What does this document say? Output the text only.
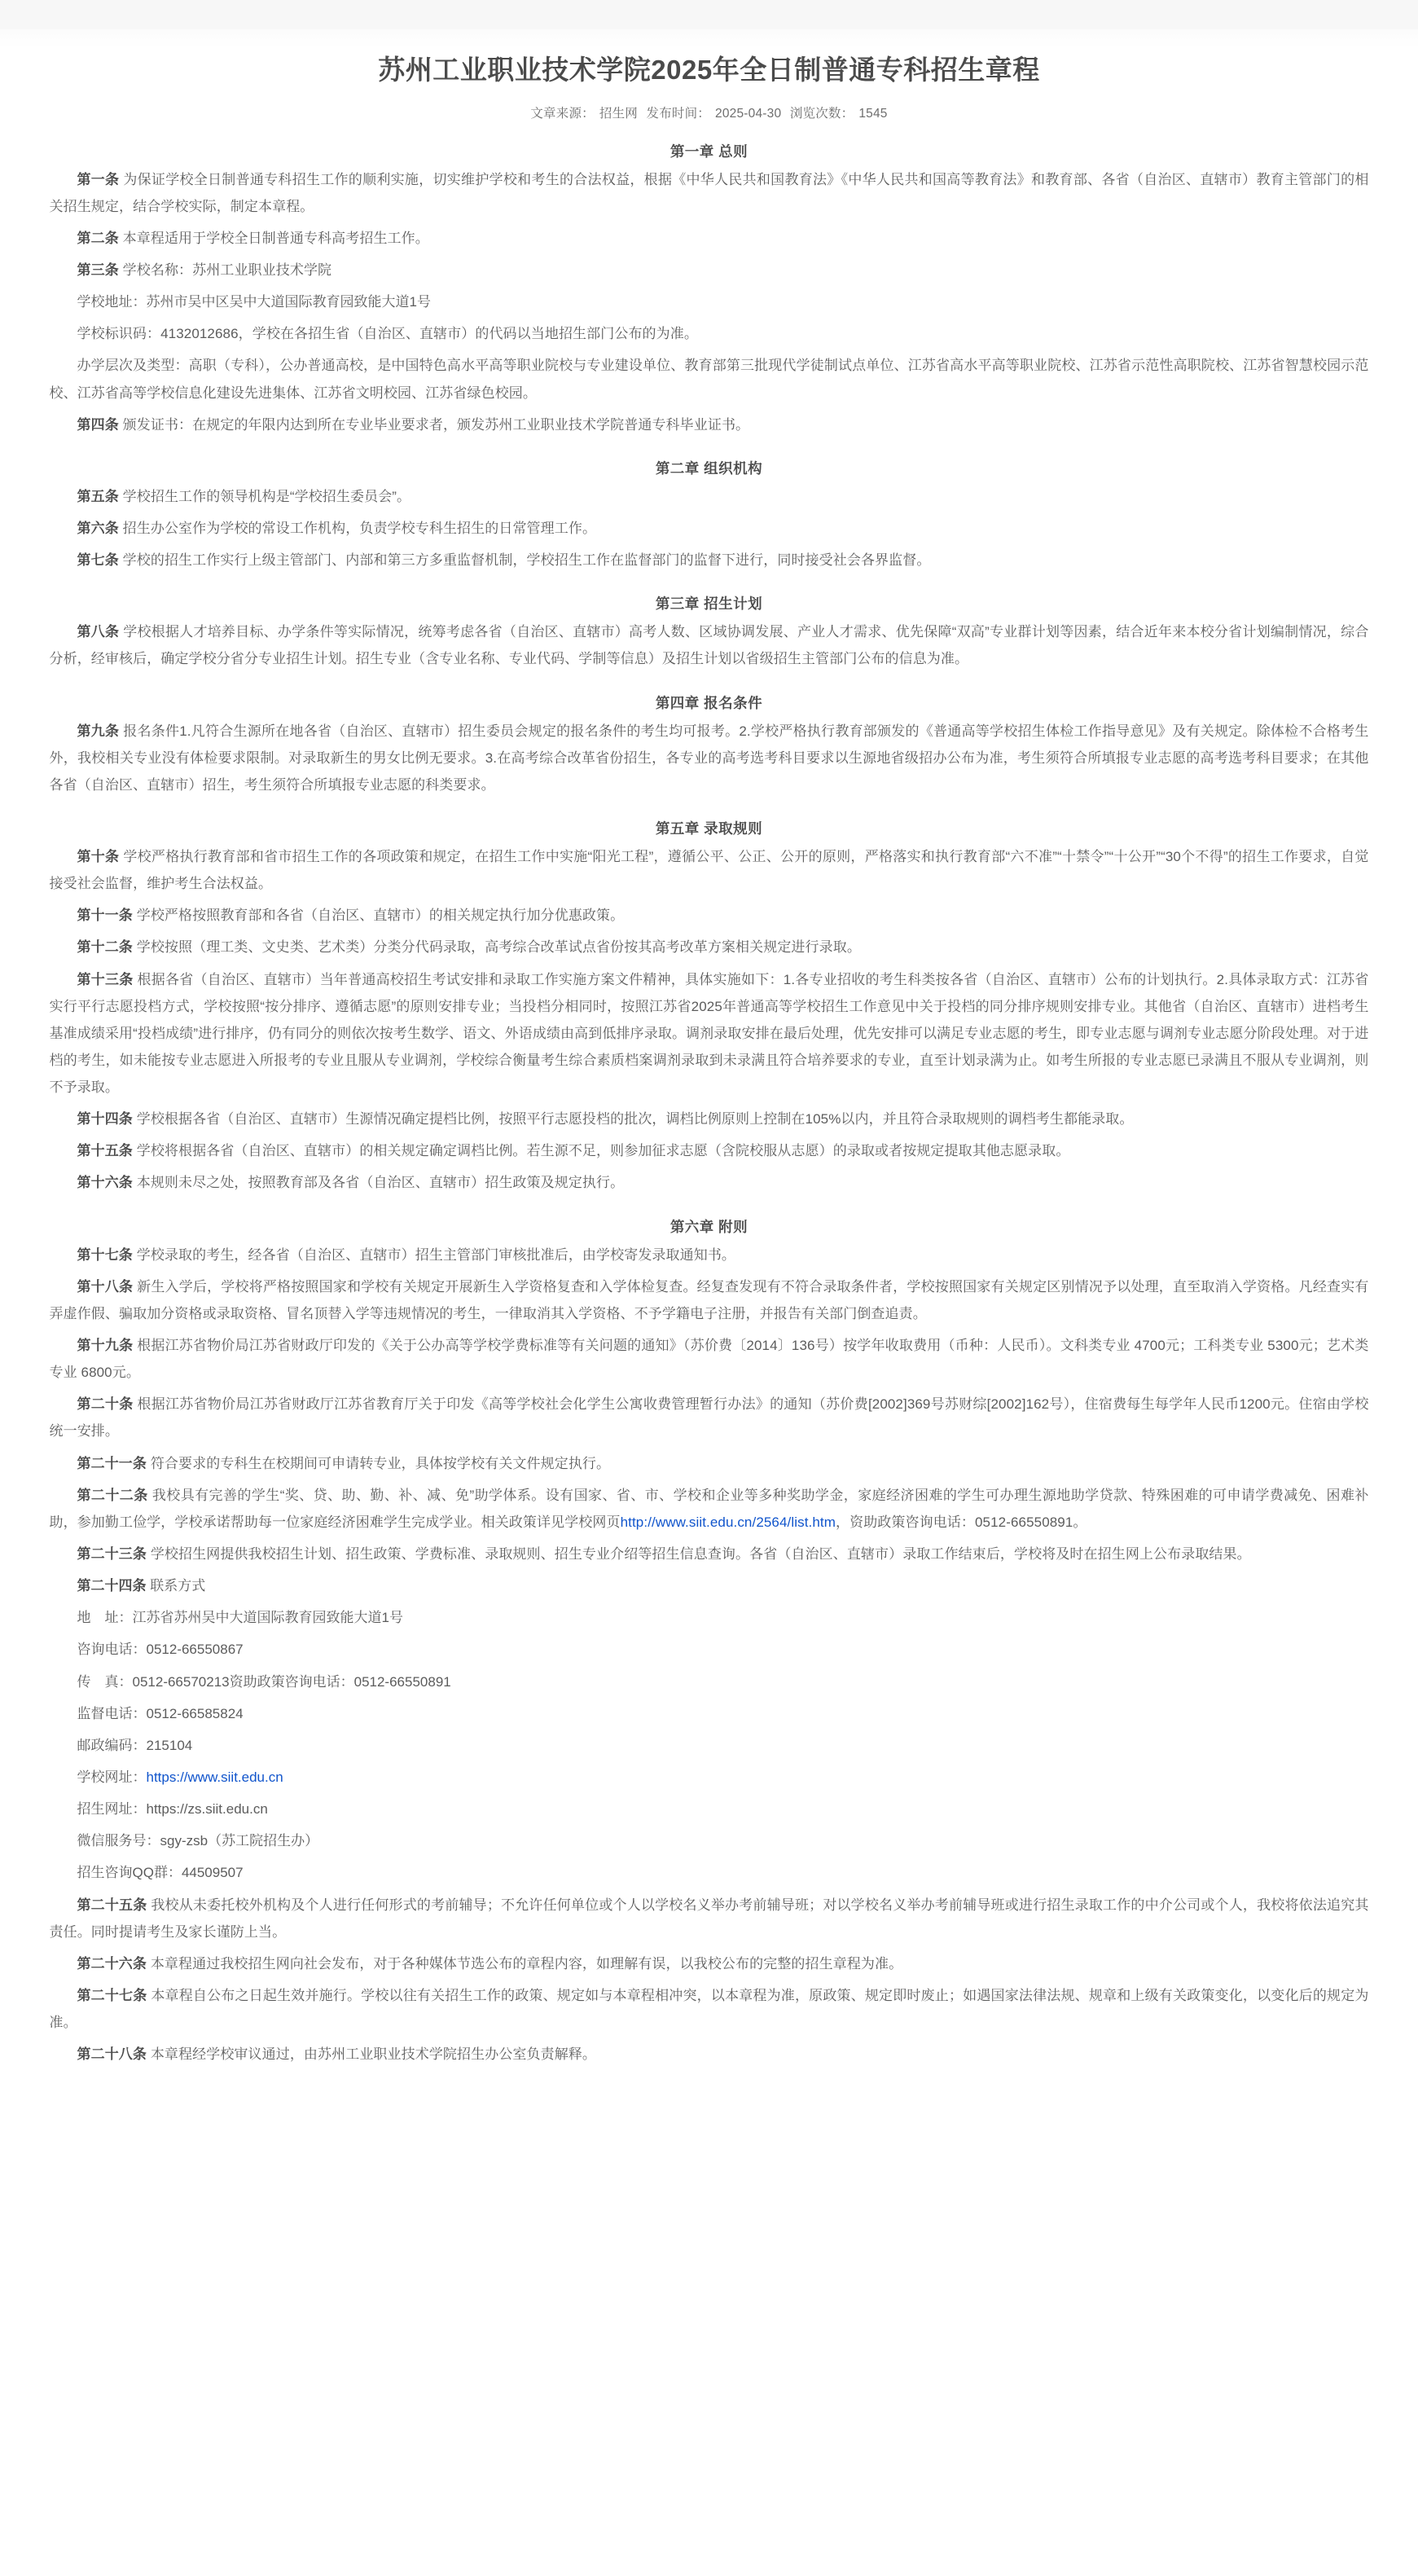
苏州工业职业技术学院2025年全日制普通专科招生章程
文章来源： 招生网 发布时间： 2025-04-30 浏览次数： 1545
第一章 总则

第一条 为保证学校全日制普通专科招生工作的顺利实施，切实维护学校和考生的合法权益，根据《中华人民共和国教育法》《中华人民共和国高等教育法》和教育部、各省（自治区、直辖市）教育主管部门的相关招生规定，结合学校实际，制定本章程。

第二条 本章程适用于学校全日制普通专科高考招生工作。

第三条 学校名称：苏州工业职业技术学院

学校地址：苏州市吴中区吴中大道国际教育园致能大道1号

学校标识码：4132012686，学校在各招生省（自治区、直辖市）的代码以当地招生部门公布的为准。

办学层次及类型：高职（专科），公办普通高校，是中国特色高水平高等职业院校与专业建设单位、教育部第三批现代学徒制试点单位、江苏省高水平高等职业院校、江苏省示范性高职院校、江苏省智慧校园示范校、江苏省高等学校信息化建设先进集体、江苏省文明校园、江苏省绿色校园。

第四条 颁发证书：在规定的年限内达到所在专业毕业要求者，颁发苏州工业职业技术学院普通专科毕业证书。

第二章 组织机构

第五条 学校招生工作的领导机构是“学校招生委员会”。

第六条 招生办公室作为学校的常设工作机构，负责学校专科生招生的日常管理工作。

第七条 学校的招生工作实行上级主管部门、内部和第三方多重监督机制，学校招生工作在监督部门的监督下进行，同时接受社会各界监督。

第三章 招生计划

第八条 学校根据人才培养目标、办学条件等实际情况，统筹考虑各省（自治区、直辖市）高考人数、区域协调发展、产业人才需求、优先保障“双高”专业群计划等因素，结合近年来本校分省计划编制情况，综合分析，经审核后，确定学校分省分专业招生计划。招生专业（含专业名称、专业代码、学制等信息）及招生计划以省级招生主管部门公布的信息为准。

第四章 报名条件

第九条 报名条件1.凡符合生源所在地各省（自治区、直辖市）招生委员会规定的报名条件的考生均可报考。2.学校严格执行教育部颁发的《普通高等学校招生体检工作指导意见》及有关规定。除体检不合格考生外，我校相关专业没有体检要求限制。对录取新生的男女比例无要求。3.在高考综合改革省份招生，各专业的高考选考科目要求以生源地省级招办公布为准，考生须符合所填报专业志愿的高考选考科目要求；在其他各省（自治区、直辖市）招生，考生须符合所填报专业志愿的科类要求。

第五章 录取规则

第十条 学校严格执行教育部和省市招生工作的各项政策和规定，在招生工作中实施“阳光工程”，遵循公平、公正、公开的原则，严格落实和执行教育部“六不准”“十禁令”“十公开”“30个不得”的招生工作要求，自觉接受社会监督，维护考生合法权益。

第十一条 学校严格按照教育部和各省（自治区、直辖市）的相关规定执行加分优惠政策。

第十二条 学校按照（理工类、文史类、艺术类）分类分代码录取，高考综合改革试点省份按其高考改革方案相关规定进行录取。

第十三条 根据各省（自治区、直辖市）当年普通高校招生考试安排和录取工作实施方案文件精神，具体实施如下：1.各专业招收的考生科类按各省（自治区、直辖市）公布的计划执行。2.具体录取方式：江苏省实行平行志愿投档方式，学校按照“按分排序、遵循志愿”的原则安排专业；当投档分相同时，按照江苏省2025年普通高等学校招生工作意见中关于投档的同分排序规则安排专业。其他省（自治区、直辖市）进档考生基准成绩采用“投档成绩”进行排序，仍有同分的则依次按考生数学、语文、外语成绩由高到低排序录取。调剂录取安排在最后处理，优先安排可以满足专业志愿的考生，即专业志愿与调剂专业志愿分阶段处理。对于进档的考生，如未能按专业志愿进入所报考的专业且服从专业调剂，学校综合衡量考生综合素质档案调剂录取到未录满且符合培养要求的专业，直至计划录满为止。如考生所报的专业志愿已录满且不服从专业调剂，则不予录取。

第十四条 学校根据各省（自治区、直辖市）生源情况确定提档比例，按照平行志愿投档的批次，调档比例原则上控制在105%以内，并且符合录取规则的调档考生都能录取。

第十五条 学校将根据各省（自治区、直辖市）的相关规定确定调档比例。若生源不足，则参加征求志愿（含院校服从志愿）的录取或者按规定提取其他志愿录取。

第十六条 本规则未尽之处，按照教育部及各省（自治区、直辖市）招生政策及规定执行。

第六章 附则

第十七条 学校录取的考生，经各省（自治区、直辖市）招生主管部门审核批准后，由学校寄发录取通知书。

第十八条 新生入学后，学校将严格按照国家和学校有关规定开展新生入学资格复查和入学体检复查。经复查发现有不符合录取条件者，学校按照国家有关规定区别情况予以处理，直至取消入学资格。凡经查实有弄虚作假、骗取加分资格或录取资格、冒名顶替入学等违规情况的考生，一律取消其入学资格、不予学籍电子注册，并报告有关部门倒查追责。

第十九条 根据江苏省物价局江苏省财政厅印发的《关于公办高等学校学费标准等有关问题的通知》（苏价费〔2014〕136号）按学年收取费用（币种：人民币）。文科类专业 4700元；工科类专业 5300元；艺术类专业 6800元。

第二十条 根据江苏省物价局江苏省财政厅江苏省教育厅关于印发《高等学校社会化学生公寓收费管理暂行办法》的通知（苏价费[2002]369号苏财综[2002]162号），住宿费每生每学年人民币1200元。住宿由学校统一安排。

第二十一条 符合要求的专科生在校期间可申请转专业，具体按学校有关文件规定执行。

第二十二条 我校具有完善的学生“奖、贷、助、勤、补、减、免”助学体系。设有国家、省、市、学校和企业等多种奖助学金，家庭经济困难的学生可办理生源地助学贷款、特殊困难的可申请学费减免、困难补助，参加勤工俭学，学校承诺帮助每一位家庭经济困难学生完成学业。相关政策详见学校网页http://www.siit.edu.cn/2564/list.htm，资助政策咨询电话：0512-66550891。

第二十三条 学校招生网提供我校招生计划、招生政策、学费标准、录取规则、招生专业介绍等招生信息查询。各省（自治区、直辖市）录取工作结束后，学校将及时在招生网上公布录取结果。

第二十四条 联系方式

地　址：江苏省苏州吴中大道国际教育园致能大道1号

咨询电话：0512-66550867

传　真：0512-66570213资助政策咨询电话：0512-66550891

监督电话：0512-66585824

邮政编码：215104

学校网址：https://www.siit.edu.cn

招生网址：https://zs.siit.edu.cn

微信服务号：sgy-zsb（苏工院招生办）

招生咨询QQ群：44509507

第二十五条 我校从未委托校外机构及个人进行任何形式的考前辅导；不允许任何单位或个人以学校名义举办考前辅导班；对以学校名义举办考前辅导班或进行招生录取工作的中介公司或个人，我校将依法追究其责任。同时提请考生及家长谨防上当。

第二十六条 本章程通过我校招生网向社会发布，对于各种媒体节选公布的章程内容，如理解有误，以我校公布的完整的招生章程为准。

第二十七条 本章程自公布之日起生效并施行。学校以往有关招生工作的政策、规定如与本章程相冲突，以本章程为准，原政策、规定即时废止；如遇国家法律法规、规章和上级有关政策变化，以变化后的规定为准。

第二十八条 本章程经学校审议通过，由苏州工业职业技术学院招生办公室负责解释。
